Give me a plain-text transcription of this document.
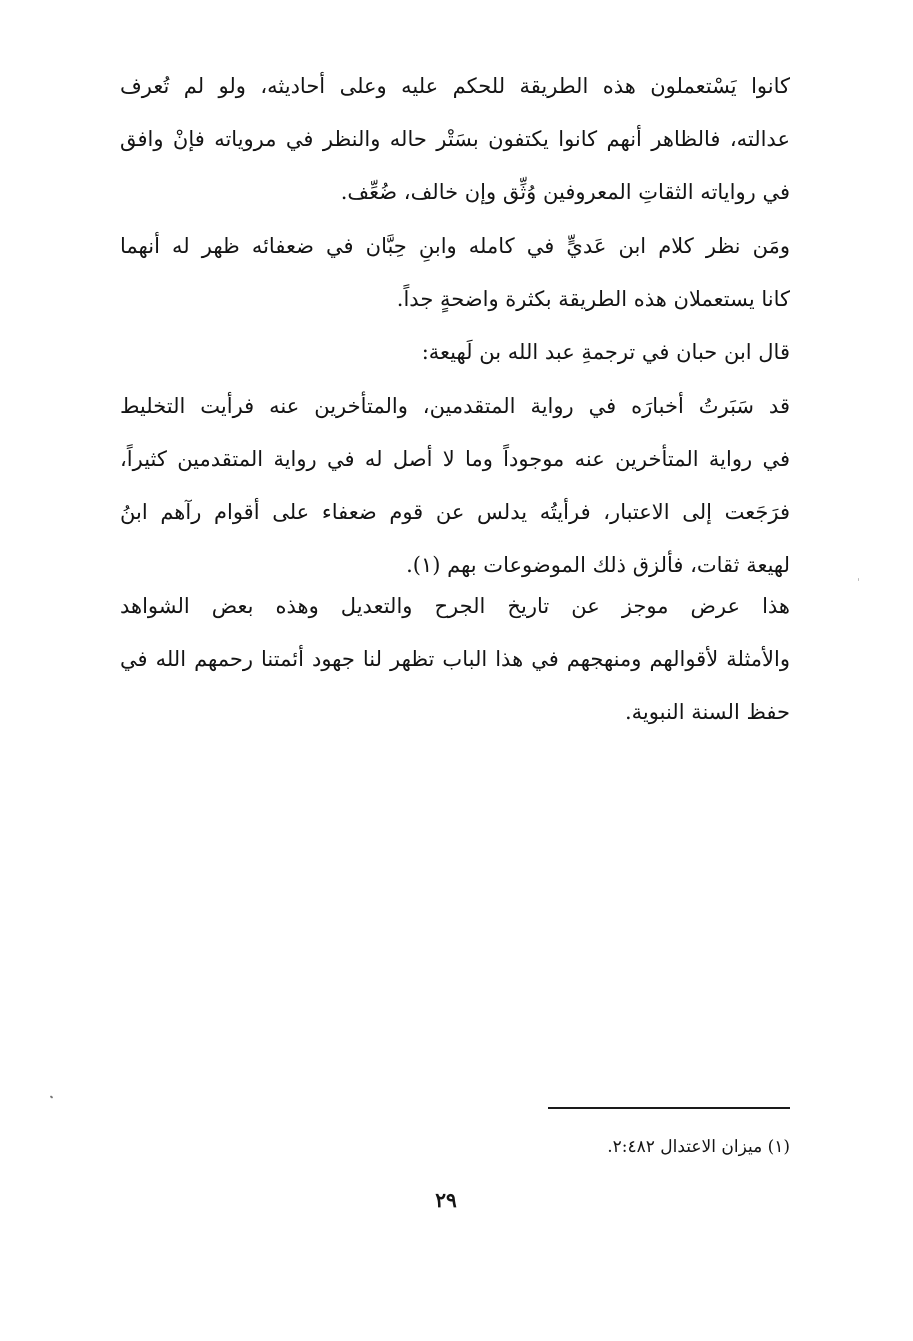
كانوا يَسْتعملون هذه الطريقة للحكم عليه وعلى أحاديثه، ولو لم تُعرف
عدالته، فالظاهر أنهم كانوا يكتفون بسَتْر حاله والنظر في مروياته فإنْ وافق
في رواياته الثقاتِ المعروفين وُثِّق وإن خالف، ضُعِّف.
ومَن نظر كلام ابن عَديٍّ في كامله وابنِ حِبَّان في ضعفائه ظهر له أنهما
كانا يستعملان هذه الطريقة بكثرة واضحةٍ جداً.
قال ابن حبان في ترجمةِ عبد الله بن لَهيعة:
قد سَبَرتُ أخبارَه في رواية المتقدمين، والمتأخرين عنه فرأيت التخليط
في رواية المتأخرين عنه موجوداً وما لا أصل له في رواية المتقدمين كثيراً،
فرَجَعت إلى الاعتبار، فرأيتُه يدلس عن قوم ضعفاء على أقوام رآهم ابنُ
لهيعة ثقات، فألزق ذلك الموضوعات بهم (١).
هذا عرض موجز عن تاريخ الجرح والتعديل وهذه بعض الشواهد
والأمثلة لأقوالهم ومنهجهم في هذا الباب تظهر لنا جهود أئمتنا رحمهم الله في
حفظ السنة النبوية.
(١) ميزان الاعتدال ٢:٤٨٢.
٢٩
